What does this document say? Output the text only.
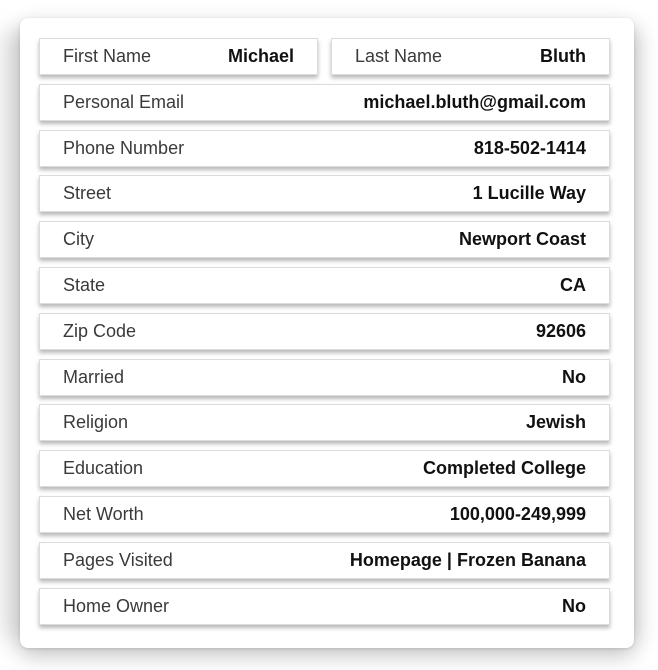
First Name	Michael	Last Name	Bluth
Personal Email	michael.bluth@gmail.com
Phone Number	818-502-1414
Street	1 Lucille Way
City	Newport Coast
State	CA
Zip Code	92606
Married	No
Religion	Jewish
Education	Completed College
Net Worth	100,000-249,999
Pages Visited	Homepage | Frozen Banana
Home Owner	No
